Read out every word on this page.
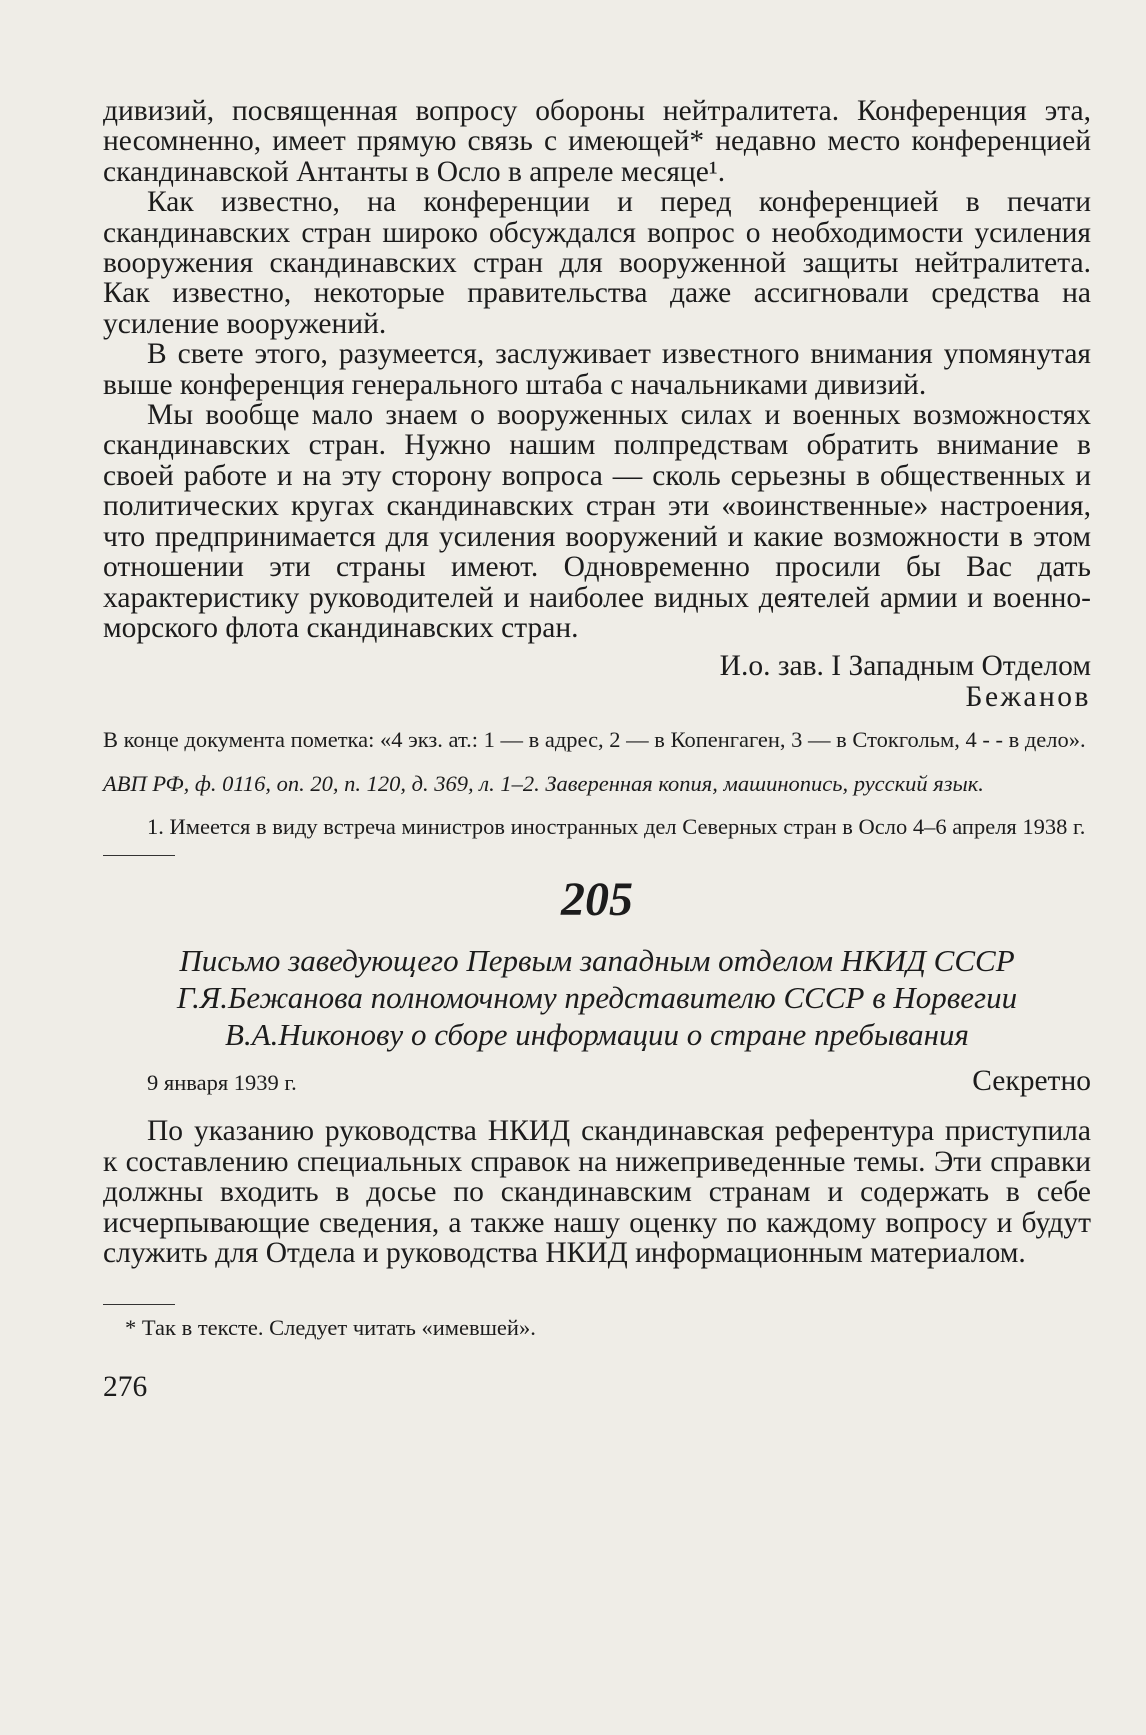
дивизий, посвященная вопросу обороны нейтралитета. Конференция эта, несомненно, имеет прямую связь с имеющей* недавно место конференцией скандинавской Антанты в Осло в апреле месяце¹.

Как известно, на конференции и перед конференцией в печати скандинавских стран широко обсуждался вопрос о необходимости усиления вооружения скандинавских стран для вооруженной защиты нейтралитета. Как известно, некоторые правительства даже ассигновали средства на усиление вооружений.

В свете этого, разумеется, заслуживает известного внимания упомянутая выше конференция генерального штаба с начальниками дивизий.

Мы вообще мало знаем о вооруженных силах и военных возможностях скандинавских стран. Нужно нашим полпредствам обратить внимание в своей работе и на эту сторону вопроса — сколь серьезны в общественных и политических кругах скандинавских стран эти «воинственные» настроения, что предпринимается для усиления вооружений и какие возможности в этом отношении эти страны имеют. Одновременно просили бы Вас дать характеристику руководителей и наиболее видных деятелей армии и военно-морского флота скандинавских стран.

И.о. зав. I Западным Отделом

Бежанов

В конце документа пометка: «4 экз. ат.: 1 — в адрес, 2 — в Копенгаген, 3 — в Стокгольм, 4 - - в дело».

АВП РФ, ф. 0116, оп. 20, п. 120, д. 369, л. 1–2. Заверенная копия, машинопись, русский язык.

1. Имеется в виду встреча министров иностранных дел Северных стран в Осло 4–6 апреля 1938 г.

205

Письмо заведующего Первым западным отделом НКИД СССР

Г.Я.Бежанова полномочному представителю СССР в Норвегии

В.А.Никонову о сборе информации о стране пребывания

9 января 1939 г.	Секретно

По указанию руководства НКИД скандинавская референтура приступила к составлению специальных справок на нижеприведенные темы. Эти справки должны входить в досье по скандинавским странам и содержать в себе исчерпывающие сведения, а также нашу оценку по каждому вопросу и будут служить для Отдела и руководства НКИД информационным материалом.

* Так в тексте. Следует читать «имевшей».

276
